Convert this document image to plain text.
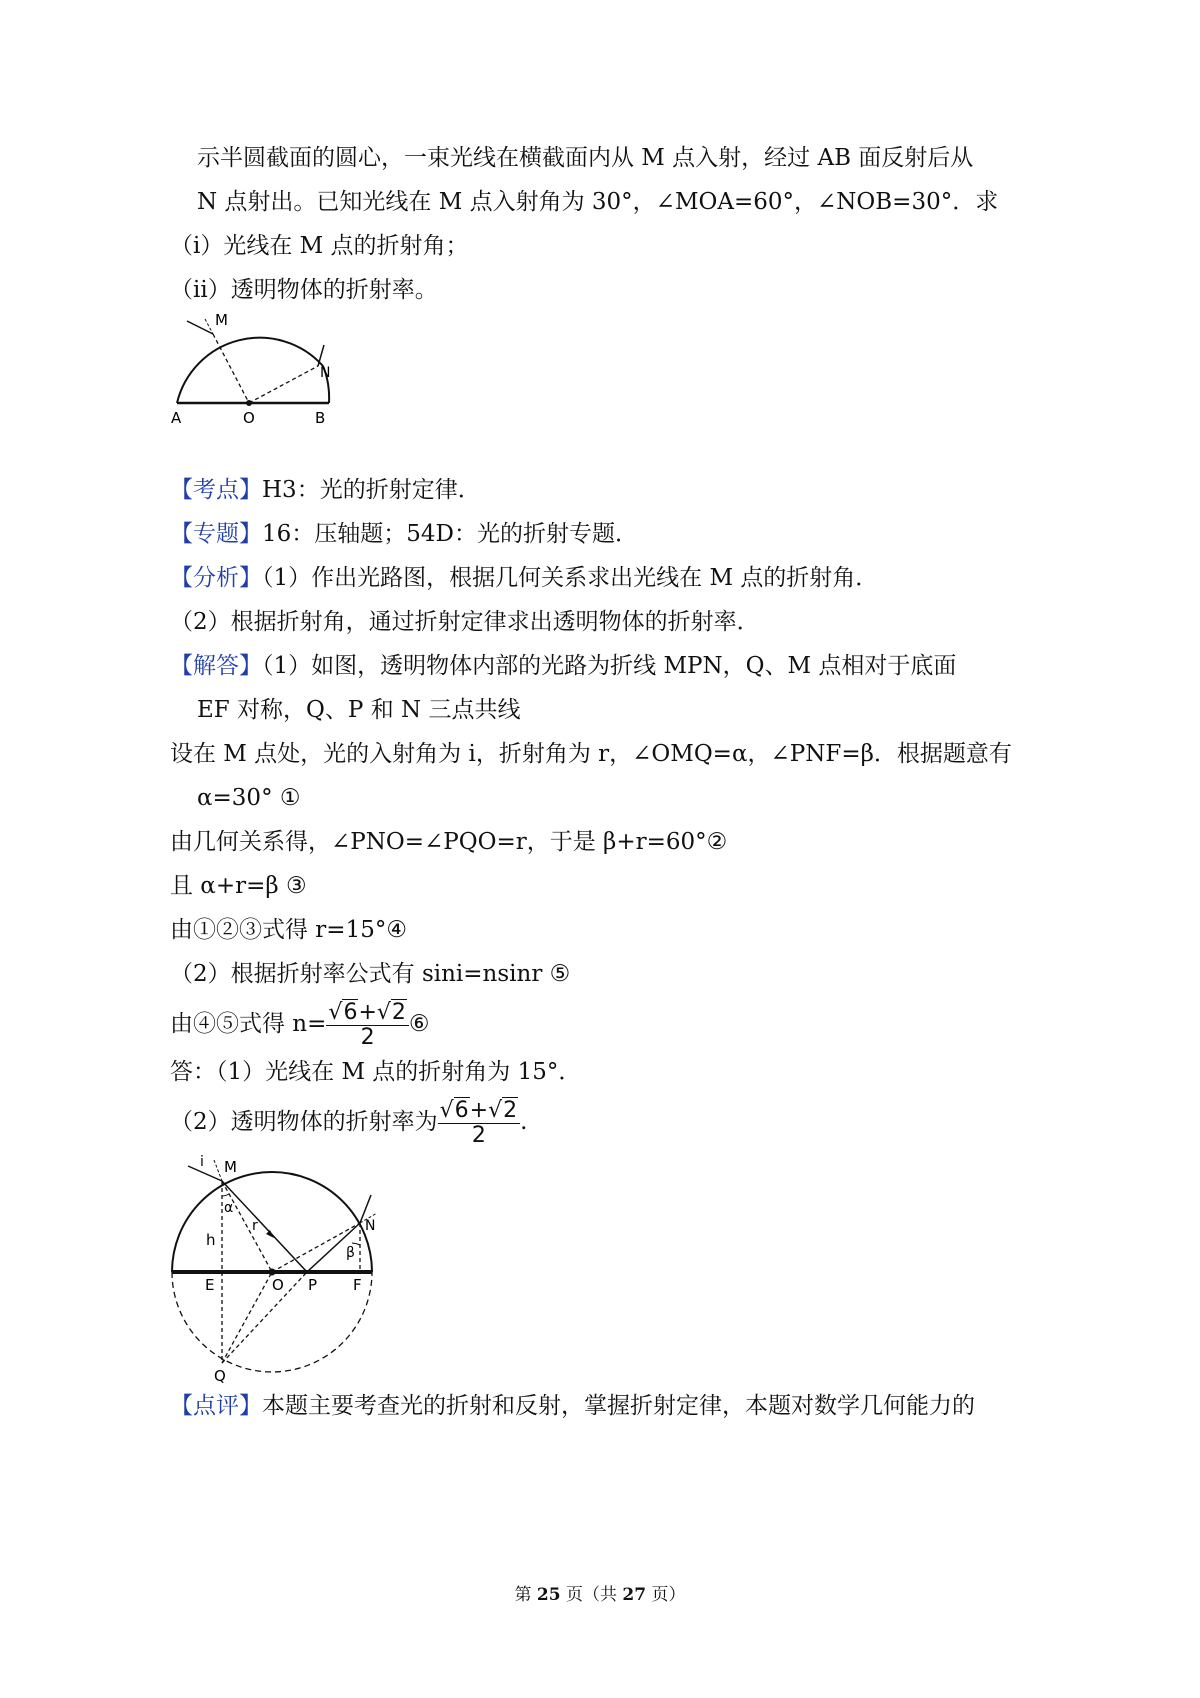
示半圆截面的圆心，一束光线在横截面内从 M 点入射，经过 AB 面反射后从
N 点射出。已知光线在 M 点入射角为 30°，∠MOA=60°，∠NOB=30°．求
（ⅰ）光线在 M 点的折射角；
（ⅱ）透明物体的折射率。
M
N
A	O	B
【考点】H3：光的折射定律．
【专题】16：压轴题；54D：光的折射专题．
【分析】（1）作出光路图，根据几何关系求出光线在 M 点的折射角．
（2）根据折射角，通过折射定律求出透明物体的折射率．
【解答】（1）如图，透明物体内部的光路为折线 MPN，Q、M 点相对于底面
EF 对称，Q、P 和 N 三点共线
设在 M 点处，光的入射角为 i，折射角为 r，∠OMQ=α，∠PNF=β．根据题意有
α=30° ①
由几何关系得，∠PNO=∠PQO=r，于是 β+r=60°②
且 α+r=β ③
由①②③式得 r=15°④
（2）根据折射率公式有 sini=nsinr ⑤
由④⑤式得 $n= \frac{√6+√2}{2}$ ⑥
答：（1）光线在 M 点的折射角为 15°．
（2）透明物体的折射率为 $\frac{√6+√2}{2}$ .
i M
N
α
r
h
β
E	O P F
Q
【点评】本题主要考查光的折射和反射，掌握折射定律，本题对数学几何能力的
第 25 页（共 27 页）
